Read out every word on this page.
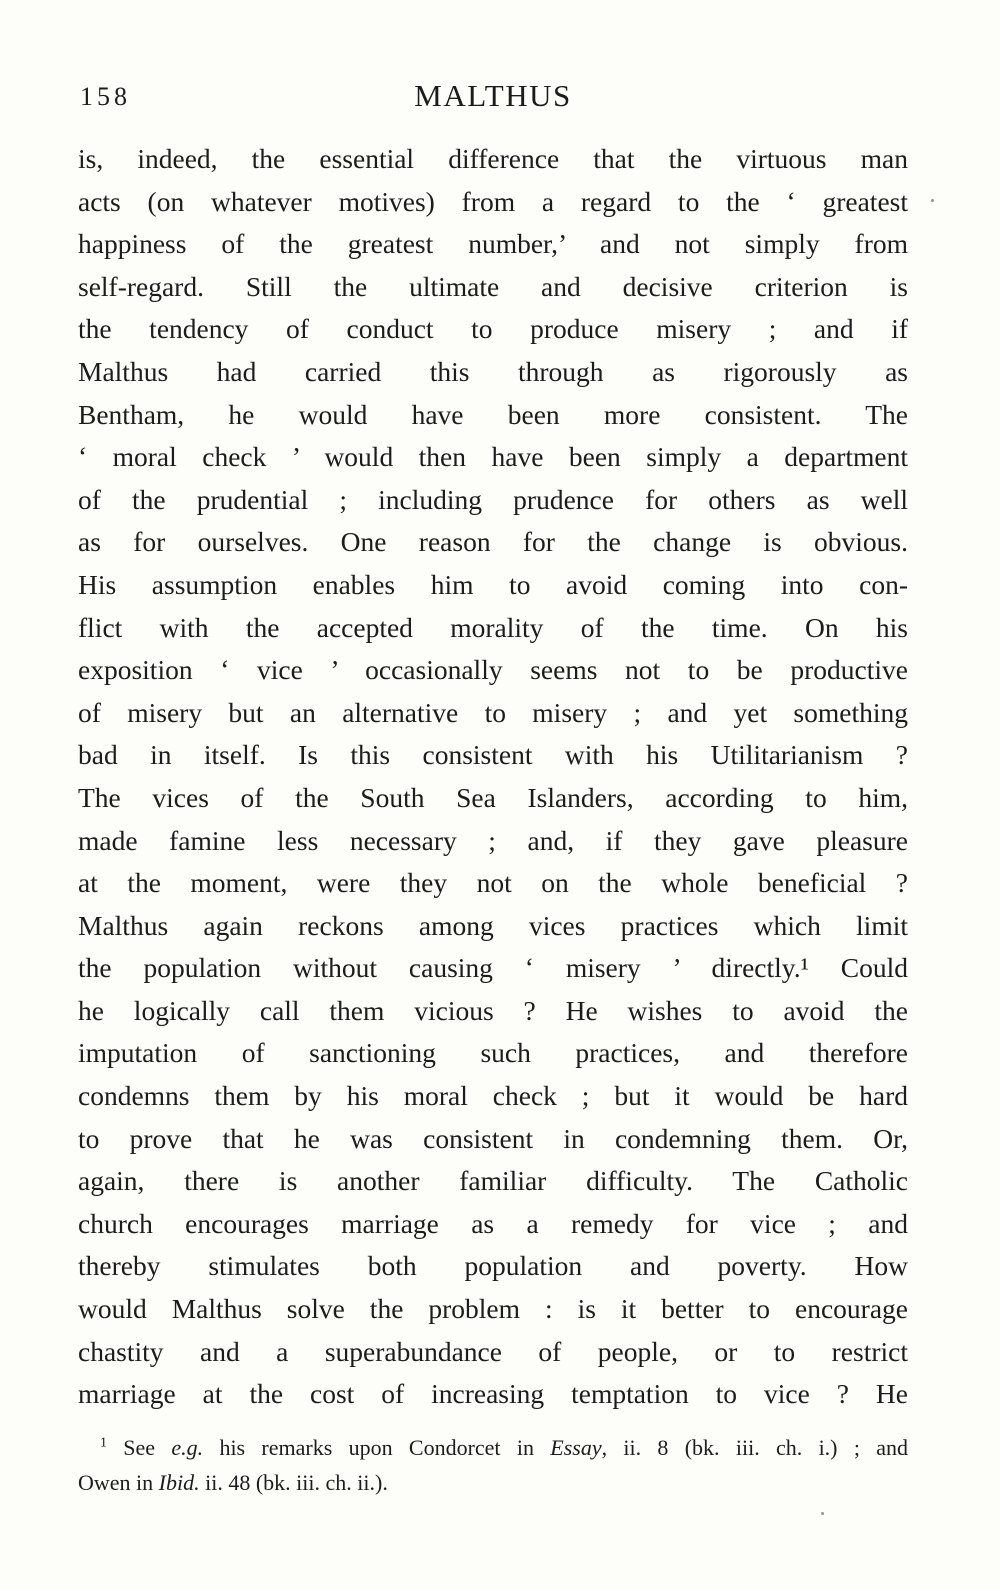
158	MALTHUS
is, indeed, the essential difference that the virtuous man
acts (on whatever motives) from a regard to the ‘ greatest
happiness of the greatest number,’ and not simply from
self-regard. Still the ultimate and decisive criterion is
the tendency of conduct to produce misery ; and if
Malthus had carried this through as rigorously as
Bentham, he would have been more consistent. The
‘ moral check ’ would then have been simply a department
of the prudential ; including prudence for others as well
as for ourselves. One reason for the change is obvious.
His assumption enables him to avoid coming into con-
flict with the accepted morality of the time. On his
exposition ‘ vice ’ occasionally seems not to be productive
of misery but an alternative to misery ; and yet something
bad in itself. Is this consistent with his Utilitarianism ?
The vices of the South Sea Islanders, according to him,
made famine less necessary ; and, if they gave pleasure
at the moment, were they not on the whole beneficial ?
Malthus again reckons among vices practices which limit
the population without causing ‘ misery ’ directly.¹ Could
he logically call them vicious ? He wishes to avoid the
imputation of sanctioning such practices, and therefore
condemns them by his moral check ; but it would be hard
to prove that he was consistent in condemning them. Or,
again, there is another familiar difficulty. The Catholic
church encourages marriage as a remedy for vice ; and
thereby stimulates both population and poverty. How
would Malthus solve the problem : is it better to encourage
chastity and a superabundance of people, or to restrict
marriage at the cost of increasing temptation to vice ? He
$^1$ See e.g. his remarks upon Condorcet in Essay, ii. 8 (bk. iii. ch. i.) ; and
Owen in Ibid. ii. 48 (bk. iii. ch. ii.).
